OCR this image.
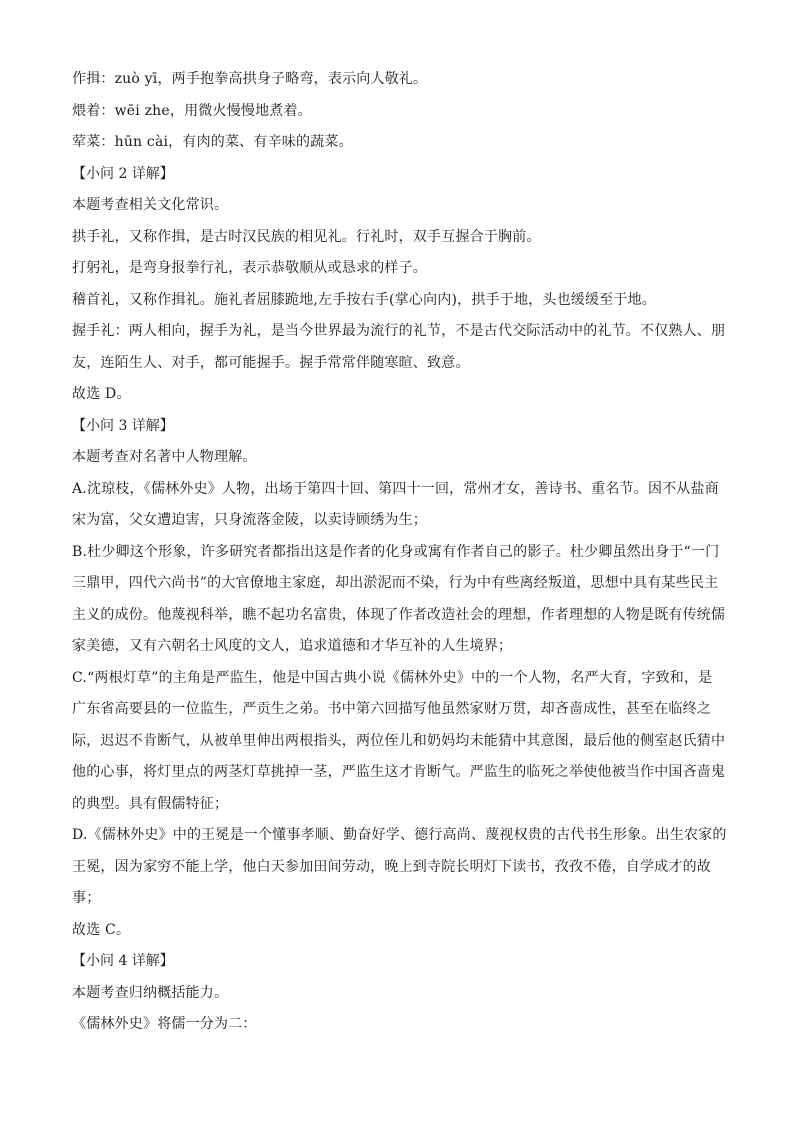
作揖：zuò yī，两手抱拳高拱身子略弯，表示向人敬礼。
煨着：wēi zhe，用微火慢慢地煮着。
荤菜：hūn cài，有肉的菜、有辛味的蔬菜。
【小问 2 详解】
本题考查相关文化常识。
拱手礼，又称作揖，是古时汉民族的相见礼。行礼时，双手互握合于胸前。
打躬礼，是弯身报拳行礼，表示恭敬顺从或恳求的样子。
稽首礼，又称作揖礼。施礼者屈膝跪地,左手按右手(掌心向内)，拱手于地，头也缓缓至于地。
握手礼：两人相向，握手为礼，是当今世界最为流行的礼节，不是古代交际活动中的礼节。不仅熟人、朋
友，连陌生人、对手，都可能握手。握手常常伴随寒暄、致意。
故选 D。
【小问 3 详解】
本题考查对名著中人物理解。
A.沈琼枝，《儒林外史》人物，出场于第四十回、第四十一回，常州才女，善诗书、重名节。因不从盐商
宋为富，父女遭迫害，只身流落金陵，以卖诗顾绣为生；
B.杜少卿这个形象，许多研究者都指出这是作者的化身或寓有作者自己的影子。杜少卿虽然出身于“一门
三鼎甲，四代六尚书”的大官僚地主家庭，却出淤泥而不染，行为中有些离经叛道，思想中具有某些民主
主义的成份。他蔑视科举，瞧不起功名富贵，体现了作者改造社会的理想，作者理想的人物是既有传统儒
家美德，又有六朝名士风度的文人，追求道德和才华互补的人生境界；
C.“两根灯草”的主角是严监生，他是中国古典小说《儒林外史》中的一个人物，名严大育，字致和，是
广东省高要县的一位监生，严贡生之弟。书中第六回描写他虽然家财万贯，却吝啬成性，甚至在临终之
际，迟迟不肯断气，从被单里伸出两根指头，两位侄儿和奶妈均未能猜中其意图，最后他的侧室赵氏猜中
他的心事，将灯里点的两茎灯草挑掉一茎，严监生这才肯断气。严监生的临死之举使他被当作中国吝啬鬼
的典型。具有假儒特征；
D.《儒林外史》中的王冕是一个懂事孝顺、勤奋好学、德行高尚、蔑视权贵的古代书生形象。出生农家的
王冕，因为家穷不能上学，他白天参加田间劳动，晚上到寺院长明灯下读书，孜孜不倦，自学成才的故
事；
故选 C。
【小问 4 详解】
本题考查归纳概括能力。
《儒林外史》将儒一分为二：
